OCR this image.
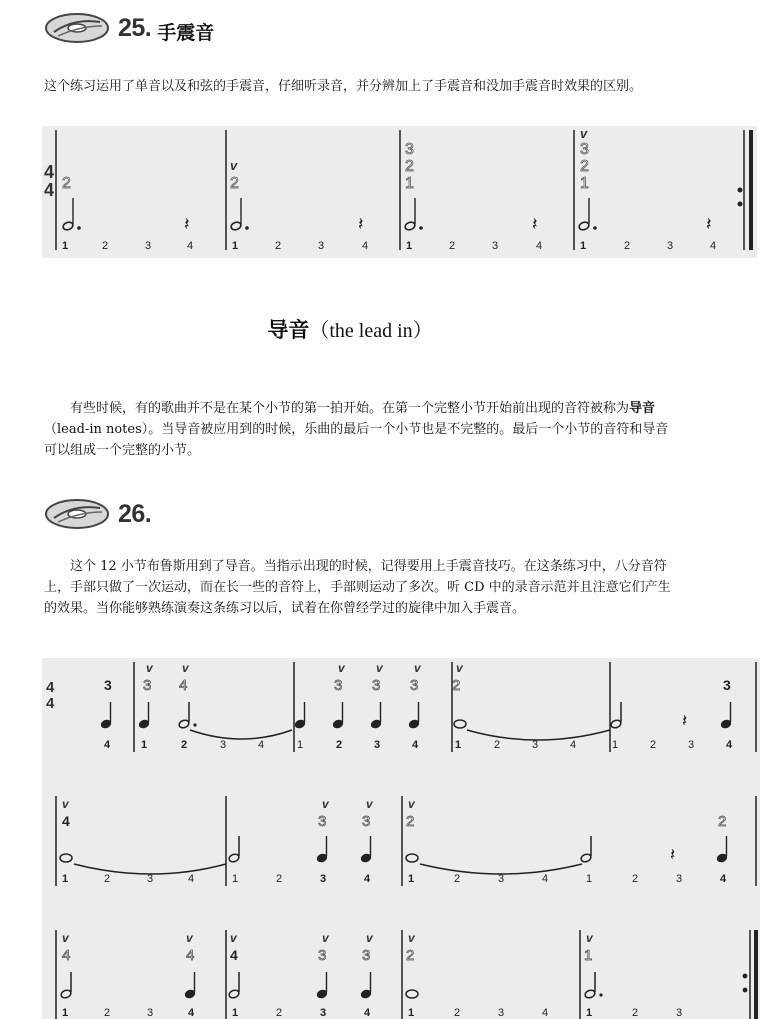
25. 手震音
这个练习运用了单音以及和弦的手震音，仔细听录音，并分辨加上了手震音和没加手震音时效果的区别。
4
4 2
v
2
3
2
1
v
3
2
1
𝄽	𝄽	𝄽	𝄽
1	2	3	4	1	2	3	4	1	2	3	4	1	2	3	4
导音（the lead in）
有些时候，有的歌曲并不是在某个小节的第一拍开始。在第一个完整小节开始前出现的音符被称为导音（lead-in notes）。当导音被应用到的时候，乐曲的最后一个小节也是不完整的。最后一个小节的音符和导音可以组成一个完整的小节。
26.
这个 12 小节布鲁斯用到了导音。当指示出现的时候，记得要用上手震音技巧。在这条练习中，八分音符上，手部只做了一次运动，而在长一些的音符上，手部则运动了多次。听 CD 中的录音示范并且注意它们产生的效果。当你能够熟练演奏这条练习以后，试着在你曾经学过的旋律中加入手震音。
4
4
v v	v	v	v	v
3 3 4	3 3 3 2	3
𝄽
4	1	2	3	4	1	2	3	4	1	2	3	4	1	2	3	4
v	v	v	v
4	3 3 2	2
𝄽
1	2	3	4	1	2	3	4	1	2	3	4	1	2	3	4
v	v	v	v	v	v	v
4	4	3 3 2	1
4
1	2	3	4	1	2	3	4	1	2	3	4	1	2	3
